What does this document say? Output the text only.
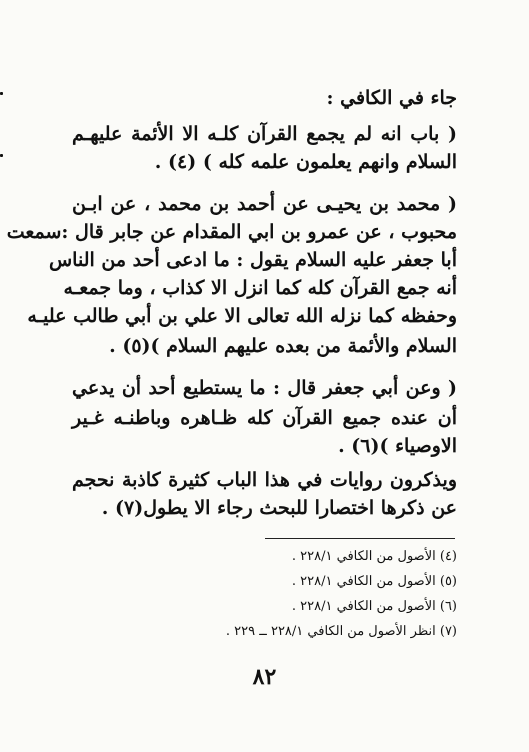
جاء في الكافي :
( باب انه لم يجمع القرآن كلـه الا الأئمة عليهـم
السلام وانهم يعلمون علمه كله ) (٤) .
( محمد بن يحيـى عن أحمد بن محمد ، عن ابـن
محبوب ، عن عمرو بن ابي المقدام عن جابر قال :سمعت
أبا جعفر عليه السلام يقول : ما ادعى أحد من الناس
أنه جمع القرآن كله كما انزل الا كذاب ، وما جمعـه
وحفظه كما نزله الله تعالى الا علي بن أبي طالب عليـه
السلام والأئمة من بعده عليهم السلام )(٥) .
( وعن أبي جعفر قال : ما يستطيع أحد أن يدعي
أن عنده جميع القرآن كله ظـاهره وباطنـه غـير
الاوصياء )(٦) .
ويذكرون روايات في هذا الباب كثيرة كاذبة نحجم
عن ذكرها اختصارا للبحث رجاء الا يطول(٧) .
(٤) الأصول من الكافي ٢٢٨/١ .
(٥) الأصول من الكافي ٢٢٨/١ .
(٦) الأصول من الكافي ٢٢٨/١ .
(٧) انظر الأصول من الكافي ٢٢٨/١ ــ ٢٢٩ .
٨٢
